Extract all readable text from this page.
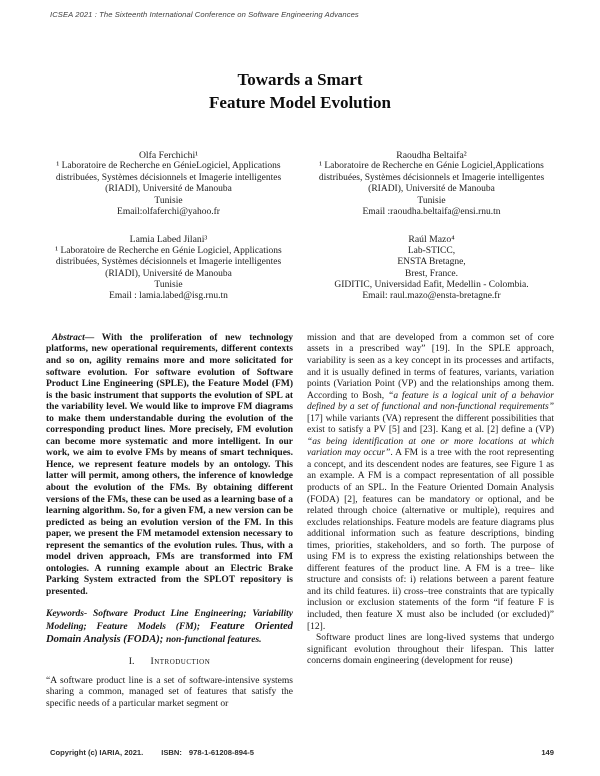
ICSEA 2021 : The Sixteenth International Conference on Software Engineering Advances
Towards a Smart
Feature Model Evolution
Olfa Ferchichi¹
¹ Laboratoire de Recherche en GénieLogiciel, Applications distribuées, Systèmes décisionnels et Imagerie intelligentes (RIADI), Université de Manouba
Tunisie
Email:olfaferchi@yahoo.fr
Raoudha Beltaifa²
¹ Laboratoire de Recherche en Génie Logiciel,Applications distribuées, Systèmes décisionnels et Imagerie intelligentes (RIADI), Université de Manouba
Tunisie
Email :raoudha.beltaifa@ensi.rnu.tn
Lamia Labed Jilani³
¹ Laboratoire de Recherche en Génie Logiciel, Applications distribuées, Systèmes décisionnels et Imagerie intelligentes (RIADI), Université de Manouba
Tunisie
Email : lamia.labed@isg.rnu.tn
Raúl Mazo⁴
Lab-STICC,
ENSTA Bretagne,
Brest, France.
GIDITIC, Universidad Eafit, Medellin - Colombia.
Email: raul.mazo@ensta-bretagne.fr

Abstract— With the proliferation of new technology platforms, new operational requirements, different contexts and so on, agility remains more and more solicitated for software evolution. For software evolution of Software Product Line Engineering (SPLE), the Feature Model (FM) is the basic instrument that supports the evolution of SPL at the variability level. We would like to improve FM diagrams to make them understandable during the evolution of the corresponding product lines. More precisely, FM evolution can become more systematic and more intelligent. In our work, we aim to evolve FMs by means of smart techniques. Hence, we represent feature models by an ontology. This latter will permit, among others, the inference of knowledge about the evolution of the FMs. By obtaining different versions of the FMs, these can be used as a learning base of a learning algorithm. So, for a given FM, a new version can be predicted as being an evolution version of the FM. In this paper, we present the FM metamodel extension necessary to represent the semantics of the evolution rules. Thus, with a model driven approach, FMs are transformed into FM ontologies. A running example about an Electric Brake Parking System extracted from the SPLOT repository is presented.

Keywords- Software Product Line Engineering; Variability Modeling; Feature Models (FM); Feature Oriented Domain Analysis (FODA); non-functional features.

I. Introduction

“A software product line is a set of software-intensive systems sharing a common, managed set of features that satisfy the specific needs of a particular market segment or

mission and that are developed from a common set of core assets in a prescribed way” [19]. In the SPLE approach, variability is seen as a key concept in its processes and artifacts, and it is usually defined in terms of features, variants, variation points (Variation Point (VP) and the relationships among them. According to Bosh, “a feature is a logical unit of a behavior defined by a set of functional and non-functional requirements” [17] while variants (VA) represent the different possibilities that exist to satisfy a PV [5] and [23]. Kang et al. [2] define a (VP) “as being identification at one or more locations at which variation may occur”. A FM is a tree with the root representing a concept, and its descendent nodes are features, see Figure 1 as an example. A FM is a compact representation of all possible products of an SPL. In the Feature Oriented Domain Analysis (FODA) [2], features can be mandatory or optional, and be related through choice (alternative or multiple), requires and excludes relationships. Feature models are feature diagrams plus additional information such as feature descriptions, binding times, priorities, stakeholders, and so forth. The purpose of using FM is to express the existing relationships between the different features of the product line. A FM is a tree– like structure and consists of: i) relations between a parent feature and its child features. ii) cross–tree constraints that are typically inclusion or exclusion statements of the form “if feature F is included, then feature X must also be included (or excluded)” [12].

Software product lines are long-lived systems that undergo significant evolution throughout their lifespan. This latter concerns domain engineering (development for reuse)

Copyright (c) IARIA, 2021. ISBN: 978-1-61208-894-5	149
